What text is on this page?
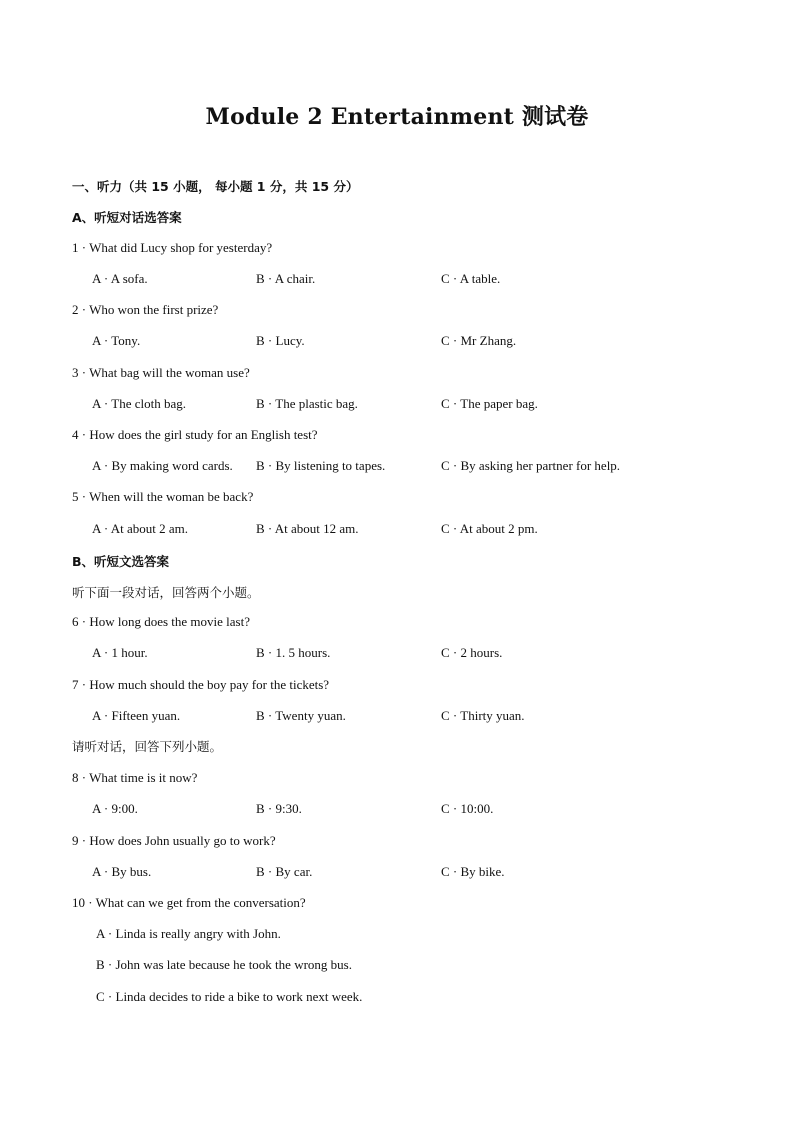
Module 2 Entertainment 测试卷
一、听力（共 15 小题， 每小题 1 分，共 15 分）
A、听短对话选答案
1 · What did Lucy shop for yesterday?
A · A sofa.	B · A chair.	C · A table.
2 · Who won the first prize?
A · Tony.	B · Lucy.	C · Mr Zhang.
3 · What bag will the woman use?
A · The cloth bag.	B · The plastic bag.	C · The paper bag.
4 · How does the girl study for an English test?
A · By making word cards. B · By listening to tapes.	C · By asking her partner for help.
5 · When will the woman be back?
A · At about 2 am.	B · At about 12 am.	C · At about 2 pm.
B、听短文选答案
听下面一段对话，回答两个小题。
6 · How long does the movie last?
A · 1 hour.	B · 1. 5 hours.	C · 2 hours.
7 · How much should the boy pay for the tickets?
A · Fifteen yuan.	B · Twenty yuan.	C · Thirty yuan.
请听对话，回答下列小题。
8 · What time is it now?
A · 9:00.	B · 9:30.	C · 10:00.
9 · How does John usually go to work?
A · By bus.	B · By car.	C · By bike.
10 · What can we get from the conversation?
A · Linda is really angry with John.
B · John was late because he took the wrong bus.
C · Linda decides to ride a bike to work next week.
